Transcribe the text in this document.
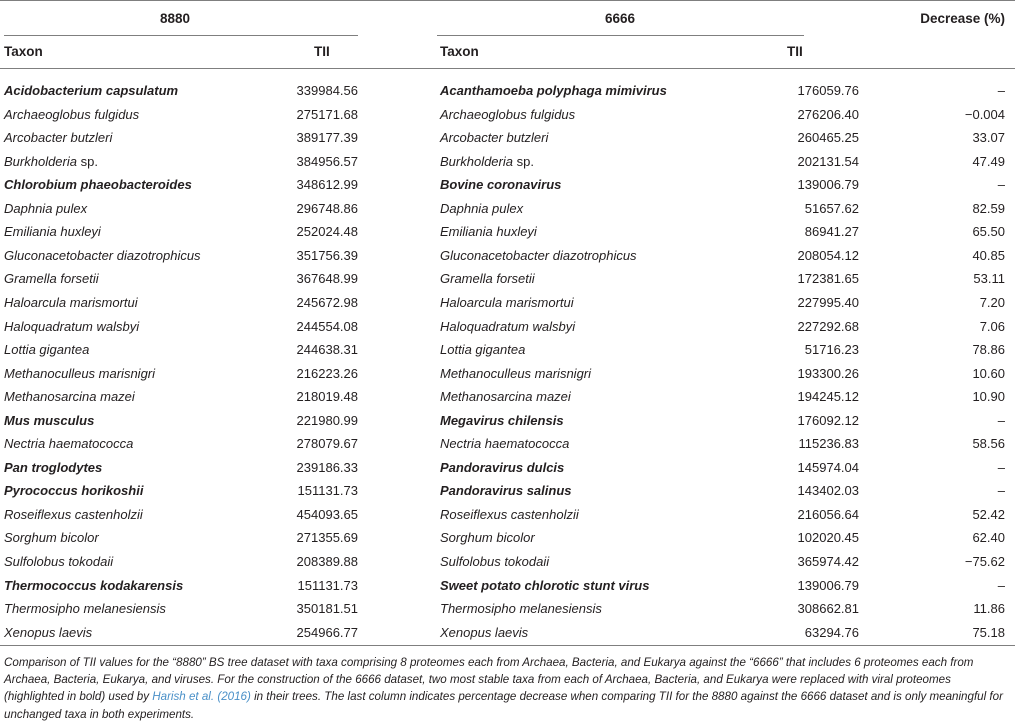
8880	6666	Decrease (%)
Taxon	TII	Taxon	TII
Acidobacterium capsulatum	339984.56	Acanthamoeba polyphaga mimivirus	176059.76	–
Archaeoglobus fulgidus	275171.68	Archaeoglobus fulgidus	276206.40	−0.004
Arcobacter butzleri	389177.39	Arcobacter butzleri	260465.25	33.07
Burkholderia sp.	384956.57	Burkholderia sp.	202131.54	47.49
Chlorobium phaeobacteroides	348612.99	Bovine coronavirus	139006.79	–
Daphnia pulex	296748.86	Daphnia pulex	51657.62	82.59
Emiliania huxleyi	252024.48	Emiliania huxleyi	86941.27	65.50
Gluconacetobacter diazotrophicus	351756.39	Gluconacetobacter diazotrophicus	208054.12	40.85
Gramella forsetii	367648.99	Gramella forsetii	172381.65	53.11
Haloarcula marismortui	245672.98	Haloarcula marismortui	227995.40	7.20
Haloquadratum walsbyi	244554.08	Haloquadratum walsbyi	227292.68	7.06
Lottia gigantea	244638.31	Lottia gigantea	51716.23	78.86
Methanoculleus marisnigri	216223.26	Methanoculleus marisnigri	193300.26	10.60
Methanosarcina mazei	218019.48	Methanosarcina mazei	194245.12	10.90
Mus musculus	221980.99	Megavirus chilensis	176092.12	–
Nectria haematococca	278079.67	Nectria haematococca	115236.83	58.56
Pan troglodytes	239186.33	Pandoravirus dulcis	145974.04	–
Pyrococcus horikoshii	151131.73	Pandoravirus salinus	143402.03	–
Roseiflexus castenholzii	454093.65	Roseiflexus castenholzii	216056.64	52.42
Sorghum bicolor	271355.69	Sorghum bicolor	102020.45	62.40
Sulfolobus tokodaii	208389.88	Sulfolobus tokodaii	365974.42	−75.62
Thermococcus kodakarensis	151131.73	Sweet potato chlorotic stunt virus	139006.79	–
Thermosipho melanesiensis	350181.51	Thermosipho melanesiensis	308662.81	11.86
Xenopus laevis	254966.77	Xenopus laevis	63294.76	75.18
Comparison of TII values for the “8880” BS tree dataset with taxa comprising 8 proteomes each from Archaea, Bacteria, and Eukarya against the “6666” that includes 6 proteomes each from Archaea, Bacteria, Eukarya, and viruses. For the construction of the 6666 dataset, two most stable taxa from each of Archaea, Bacteria, and Eukarya were replaced with viral proteomes (highlighted in bold) used by Harish et al. (2016) in their trees. The last column indicates percentage decrease when comparing TII for the 8880 against the 6666 dataset and is only meaningful for unchanged taxa in both experiments.
